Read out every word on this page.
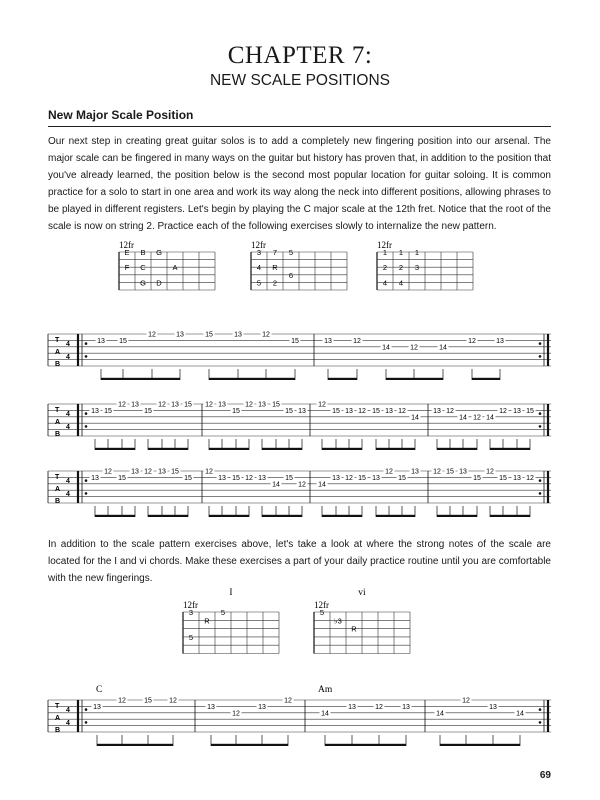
CHAPTER 7:
NEW SCALE POSITIONS
New Major Scale Position
Our next step in creating great guitar solos is to add a completely new fingering position into our arsenal. The major scale can be fingered in many ways on the guitar but history has proven that, in addition to the position that you've already learned, the position below is the second most popular location for guitar soloing. It is common practice for a solo to start in one area and work its way along the neck into different positions, allowing phrases to be played in different registers. Let's begin by playing the C major scale at the 12th fret. Notice that the root of the scale is now on string 2. Practice each of the following exercises slowly to internalize the new pattern.
In addition to the scale pattern exercises above, let's take a look at where the strong notes of the scale are located for the I and vi chords. Make these exercises a part of your daily practice routine until you are comfortable with the new fingerings.
69
12fr
E
F
G
B
C
D
G
A
12fr
3
4
5
7
R
2
5
6
12fr
1
2
4
1
2
4
1
3
I
12fr
3
5
R
5
vi
12fr
5
♭3
R
T
A
B
4
4
13 15
12	13	15	13	12
15	13	12
14	12	14
12	13
T
A
B
4
4
13 15
12 13
15
12 13 15 12 13
15
12 13 15
15 13
12
15 13 12 15 13 12
14
13 12
14 12 14
12 13 15
T
A
B
4
4
13
12
15
13 12 13 15
15
12
13 15 12 13
14
15
12 14
13 12 15 13
12
15
13 12 15 13
15
12
15 13 12
T
A
B
4
4
C	Am
13
12	15 12
13
12
13
12
14
13	12	13
14
12
13
14
